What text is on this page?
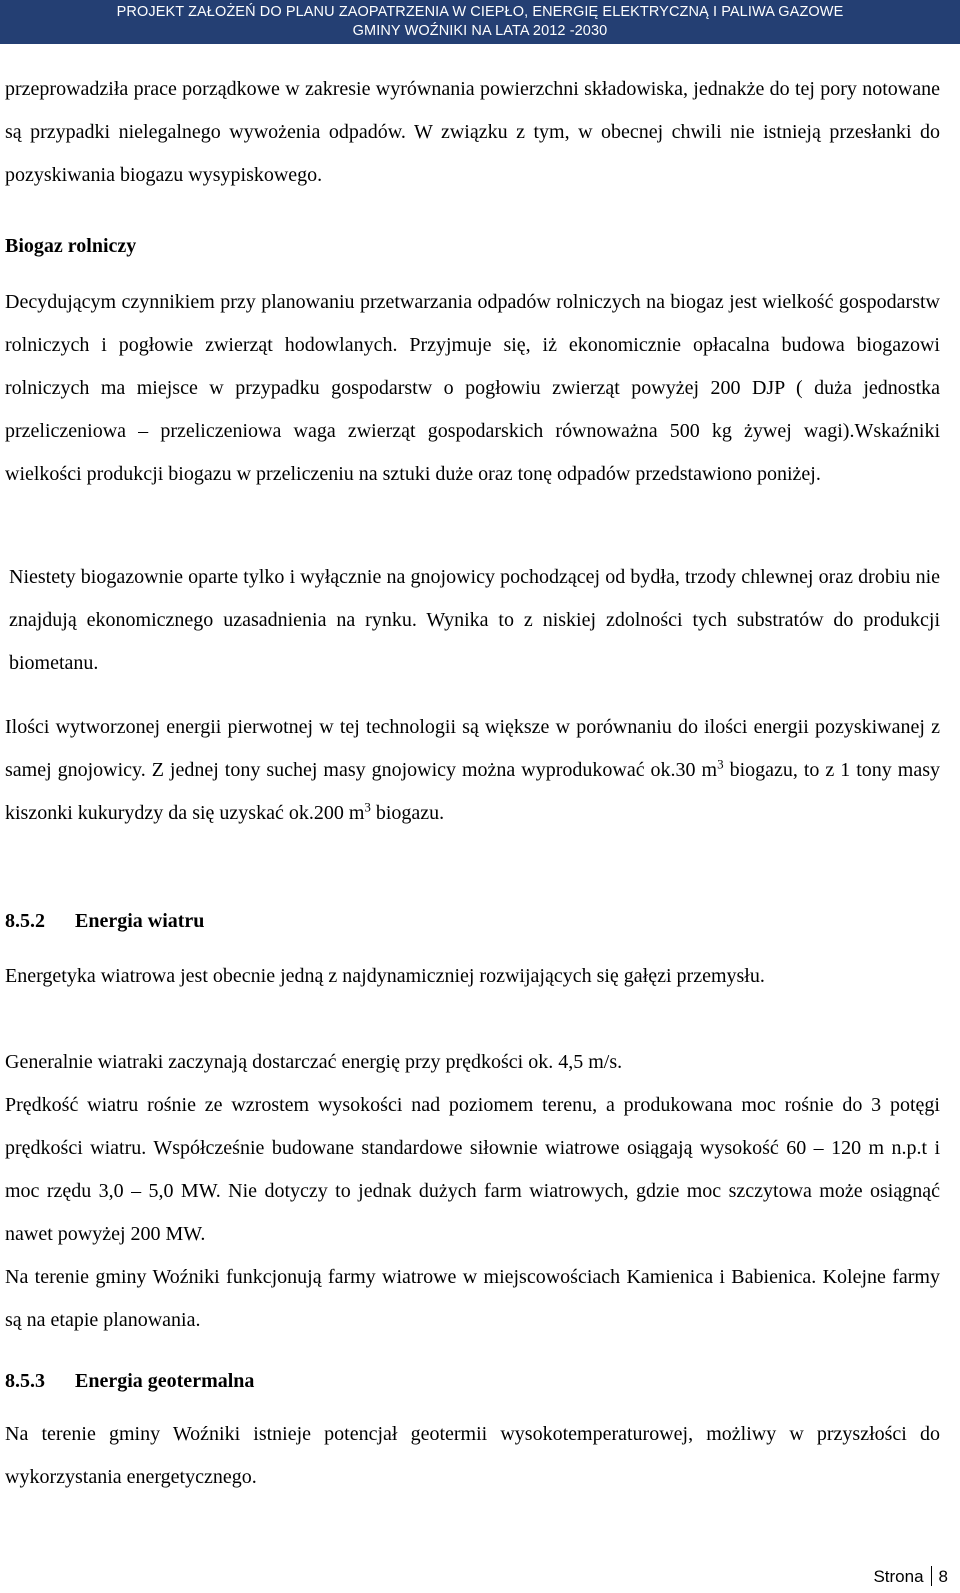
PROJEKT ZAŁOŻEŃ DO PLANU ZAOPATRZENIA W CIEPŁO, ENERGIĘ ELEKTRYCZNĄ I PALIWA GAZOWE
GMINY WOŹNIKI NA LATA 2012 -2030

przeprowadziła prace porządkowe w zakresie wyrównania powierzchni składowiska, jednakże do tej pory notowane są przypadki nielegalnego wywożenia odpadów. W związku z tym, w obecnej chwili nie istnieją przesłanki do pozyskiwania biogazu wysypiskowego.

Biogaz rolniczy

Decydującym czynnikiem przy planowaniu przetwarzania odpadów rolniczych na biogaz jest wielkość gospodarstw rolniczych i pogłowie zwierząt hodowlanych. Przyjmuje się, iż ekonomicznie opłacalna budowa biogazowi rolniczych ma miejsce w przypadku gospodarstw o pogłowiu zwierząt powyżej 200 DJP ( duża jednostka przeliczeniowa – przeliczeniowa waga zwierząt gospodarskich równoważna 500 kg żywej wagi).Wskaźniki wielkości produkcji biogazu w przeliczeniu na sztuki duże oraz tonę odpadów przedstawiono poniżej.

Niestety biogazownie oparte tylko i wyłącznie na gnojowicy pochodzącej od bydła, trzody chlewnej oraz drobiu nie znajdują ekonomicznego uzasadnienia na rynku. Wynika to z niskiej zdolności tych substratów do produkcji biometanu.

Ilości wytworzonej energii pierwotnej w tej technologii są większe w porównaniu do ilości energii pozyskiwanej z samej gnojowicy. Z jednej tony suchej masy gnojowicy można wyprodukować ok.30 $m^3$ biogazu, to z 1 tony masy kiszonki kukurydzy da się uzyskać ok.200 $m^3$ biogazu.

8.5.2 Energia wiatru

Energetyka wiatrowa jest obecnie jedną z najdynamiczniej rozwijających się gałęzi przemysłu.

Generalnie wiatraki zaczynają dostarczać energię przy prędkości ok. 4,5 m/s.

Prędkość wiatru rośnie ze wzrostem wysokości nad poziomem terenu, a produkowana moc rośnie do 3 potęgi prędkości wiatru. Współcześnie budowane standardowe siłownie wiatrowe osiągają wysokość 60 – 120 m n.p.t i moc rzędu 3,0 – 5,0 MW. Nie dotyczy to jednak dużych farm wiatrowych, gdzie moc szczytowa może osiągnąć nawet powyżej 200 MW.

Na terenie gminy Woźniki funkcjonują farmy wiatrowe w miejscowościach Kamienica i Babienica. Kolejne farmy są na etapie planowania.

8.5.3 Energia geotermalna

Na terenie gminy Woźniki istnieje potencjał geotermii wysokotemperaturowej, możliwy w przyszłości do wykorzystania energetycznego.

Strona 8
